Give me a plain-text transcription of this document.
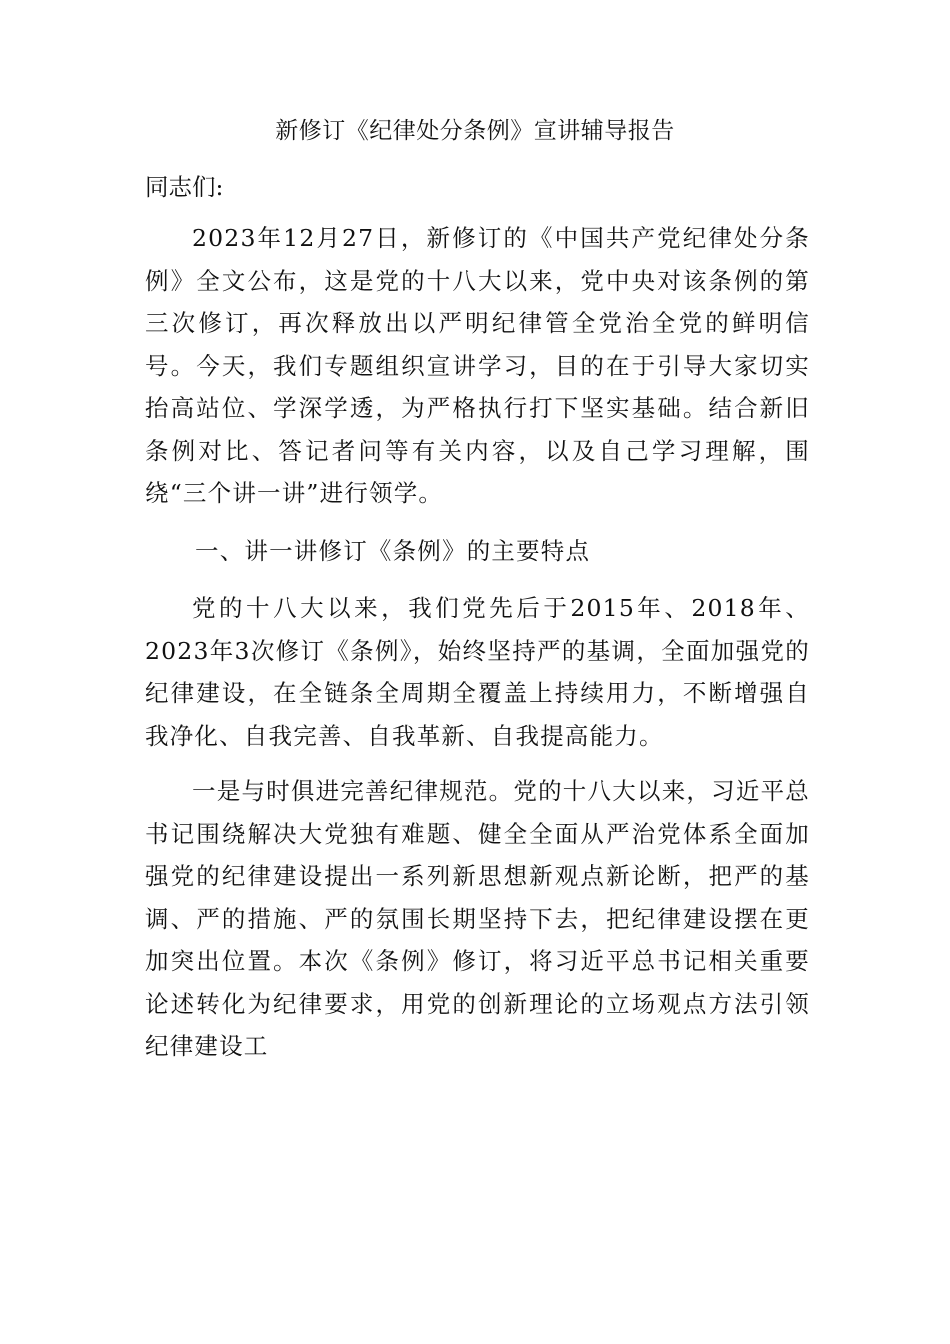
新修订《纪律处分条例》宣讲辅导报告
同志们:

2023年12月27日，新修订的《中国共产党纪律处分条例》全文公布，这是党的十八大以来，党中央对该条例的第三次修订，再次释放出以严明纪律管全党治全党的鲜明信号。今天，我们专题组织宣讲学习，目的在于引导大家切实抬高站位、学深学透，为严格执行打下坚实基础。结合新旧条例对比、答记者问等有关内容，以及自己学习理解，围绕“三个讲一讲”进行领学。

一、讲一讲修订《条例》的主要特点

党的十八大以来，我们党先后于2015年、2018年、2023年3次修订《条例》，始终坚持严的基调，全面加强党的纪律建设，在全链条全周期全覆盖上持续用力，不断增强自我净化、自我完善、自我革新、自我提高能力。

一是与时俱进完善纪律规范。党的十八大以来，习近平总书记围绕解决大党独有难题、健全全面从严治党体系全面加强党的纪律建设提出一系列新思想新观点新论断，把严的基调、严的措施、严的氛围长期坚持下去，把纪律建设摆在更加突出位置。本次《条例》修订，将习近平总书记相关重要论述转化为纪律要求，用党的创新理论的立场观点方法引领纪律建设工
